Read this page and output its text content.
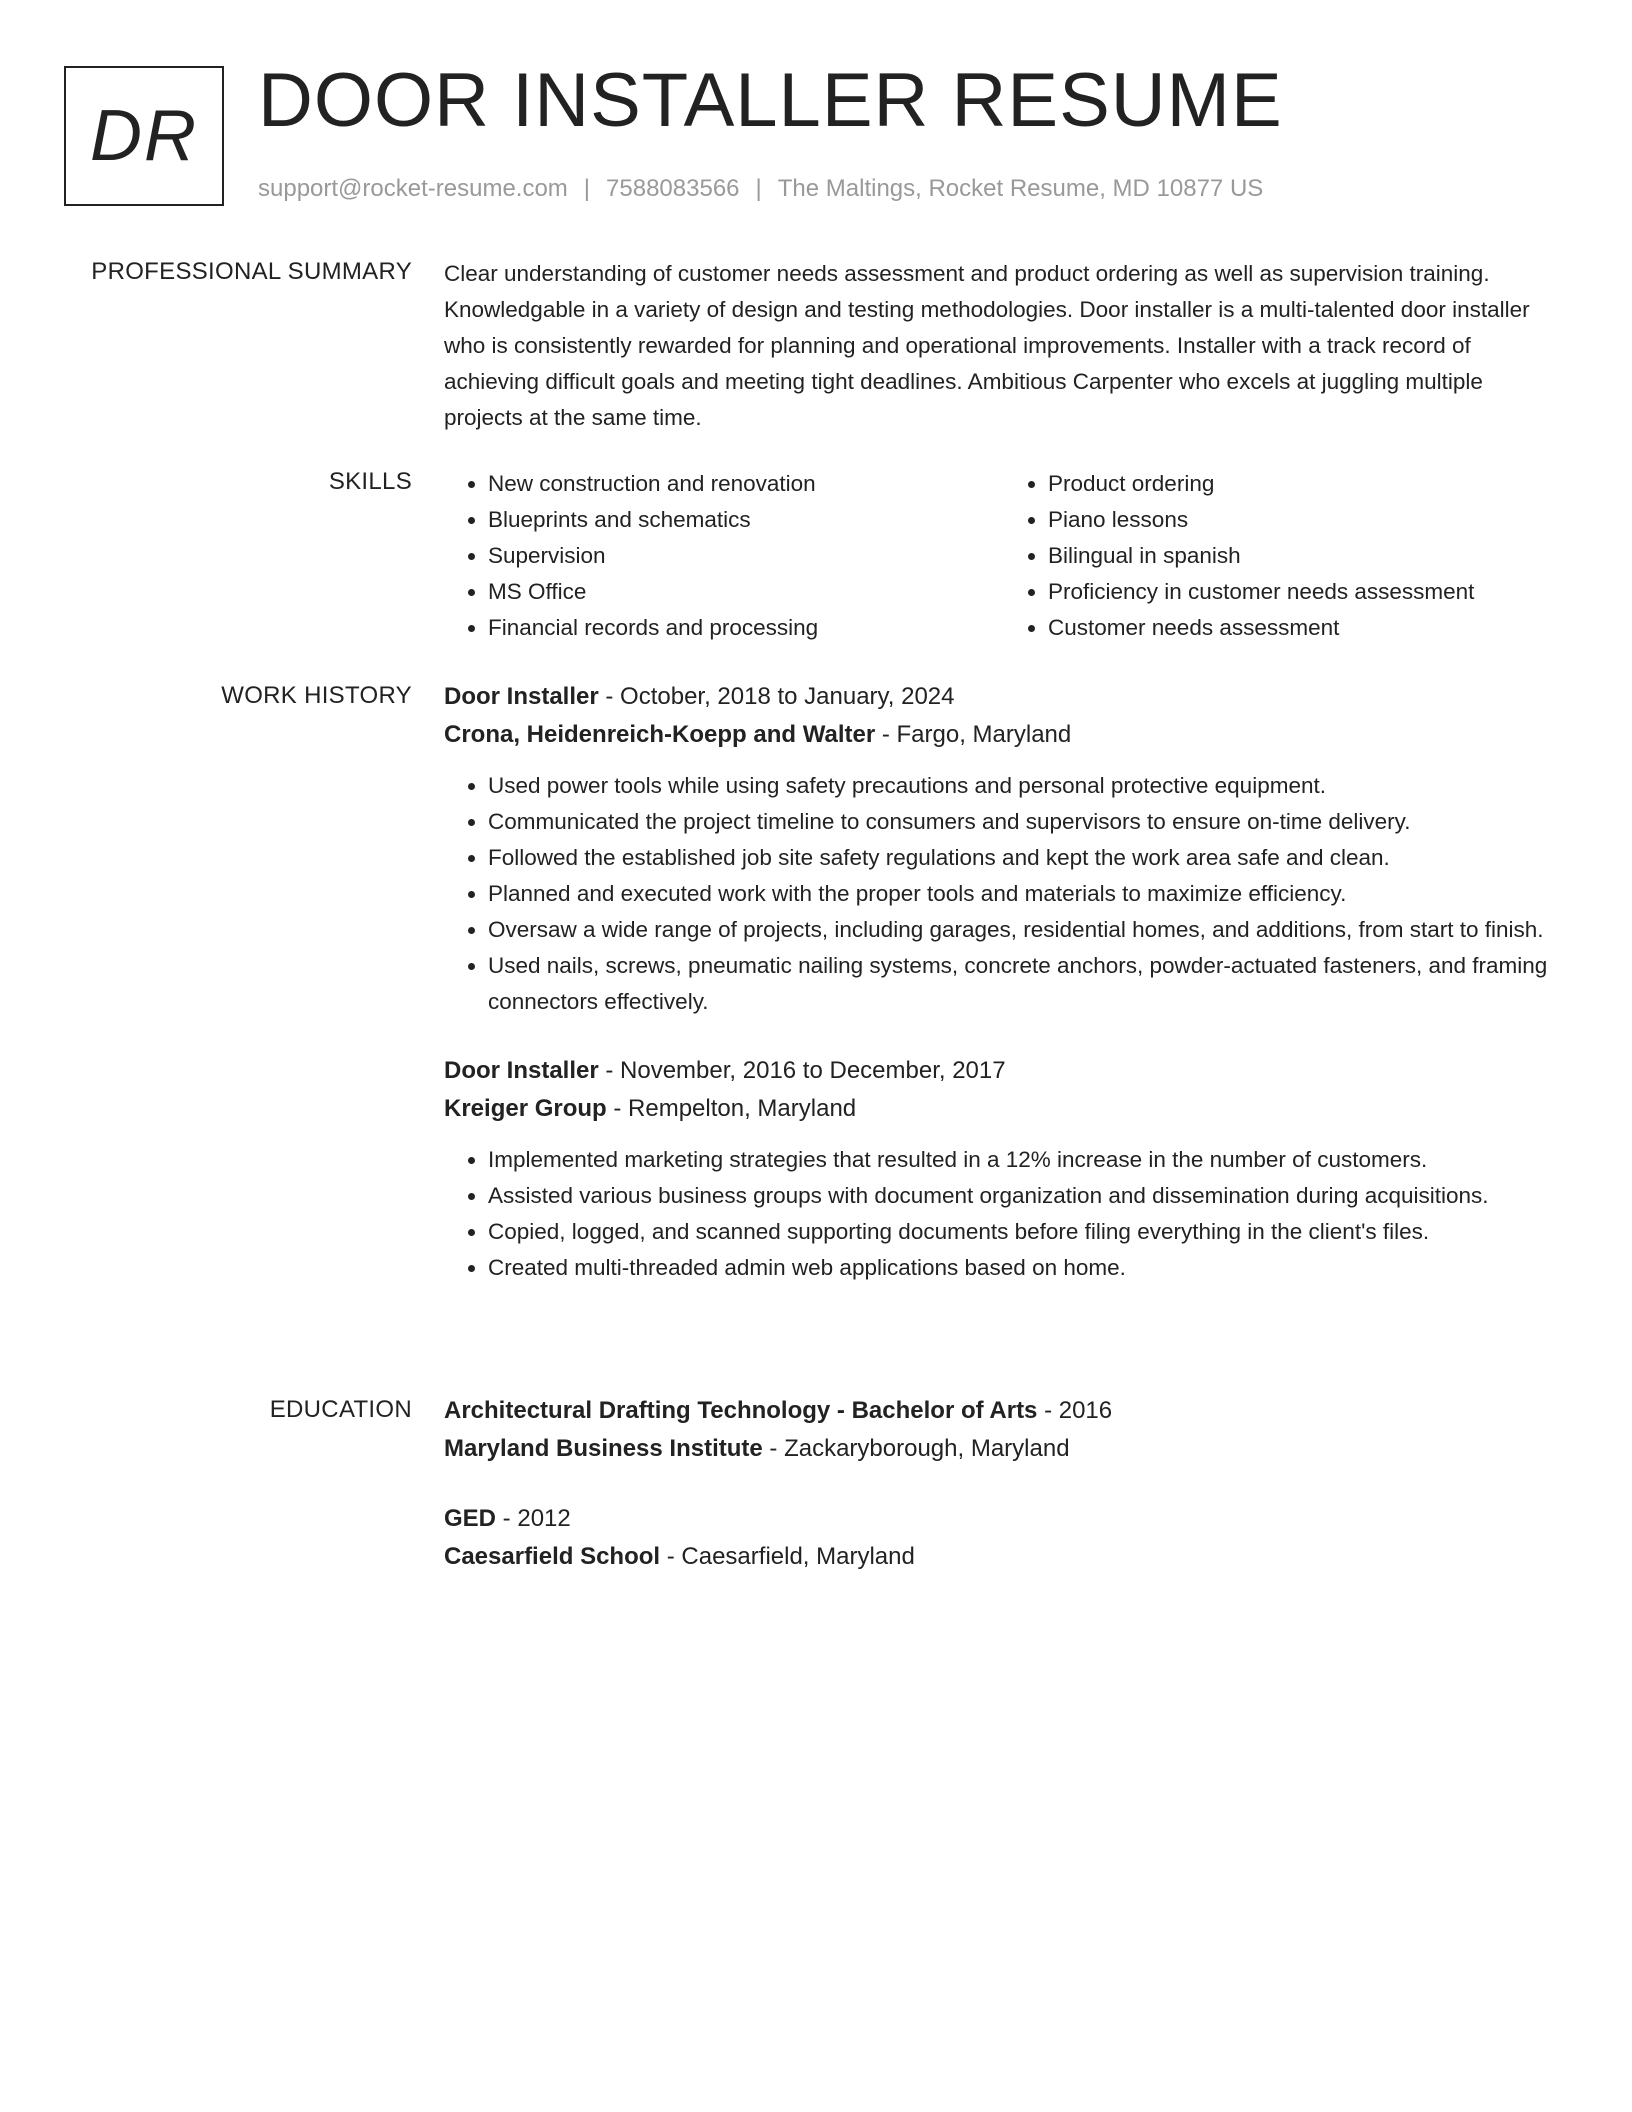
DR DOOR INSTALLER RESUME
support@rocket-resume.com | 7588083566 | The Maltings, Rocket Resume, MD 10877 US
PROFESSIONAL SUMMARY Clear understanding of customer needs assessment and product ordering as well as supervision training. Knowledgable in a variety of design and testing methodologies. Door installer is a multi-talented door installer who is consistently rewarded for planning and operational improvements. Installer with a track record of achieving difficult goals and meeting tight deadlines. Ambitious Carpenter who excels at juggling multiple projects at the same time.

SKILLS
•	New construction and renovation
• Blueprints and schematics
• Supervision
• MS Office
• Financial records and processing
• Product ordering
• Piano lessons
• Bilingual in spanish
• Proficiency in customer needs assessment
• Customer needs assessment
WORK HISTORY Door Installer - October, 2018 to January, 2024
Crona, Heidenreich-Koepp and Walter - Fargo, Maryland
• Used power tools while using safety precautions and personal protective equipment.
• Communicated the project timeline to consumers and supervisors to ensure on-time delivery.
• Followed the established job site safety regulations and kept the work area safe and clean.
• Planned and executed work with the proper tools and materials to maximize efficiency.
• Oversaw a wide range of projects, including garages, residential homes, and additions, from start to finish.
• Used nails, screws, pneumatic nailing systems, concrete anchors, powder-actuated fasteners, and framing connectors effectively.
Door Installer - November, 2016 to December, 2017
Kreiger Group - Rempelton, Maryland
• Implemented marketing strategies that resulted in a 12% increase in the number of customers.
• Assisted various business groups with document organization and dissemination during acquisitions.
• Copied, logged, and scanned supporting documents before filing everything in the client's files.
• Created multi-threaded admin web applications based on home.
EDUCATION Architectural Drafting Technology - Bachelor of Arts - 2016
Maryland Business Institute - Zackaryborough, Maryland
GED - 2012
Caesarfield School - Caesarfield, Maryland
